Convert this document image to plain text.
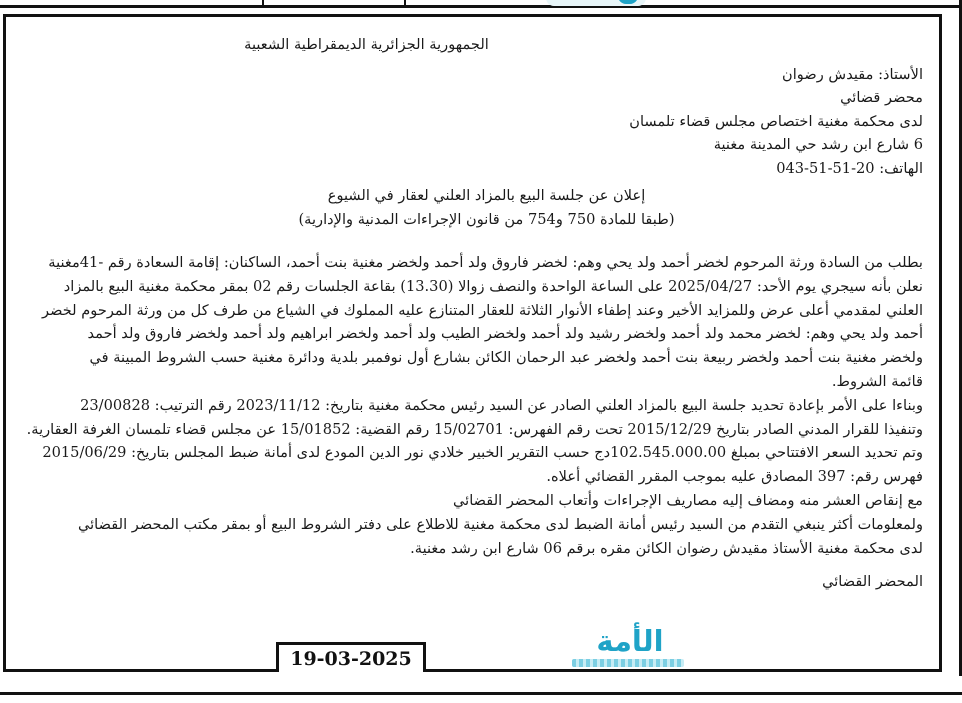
الجمهورية الجزائرية الديمقراطية الشعبية
الأستاذ: مقيدش رضوان
محضر قضائي
لدى محكمة مغنية اختصاص مجلس قضاء تلمسان
6 شارع ابن رشد حي المدينة مغنية
الهاتف: 20-51-51-043
إعلان عن جلسة البيع بالمزاد العلني لعقار في الشيوع
(طبقا للمادة 750 و754 من قانون الإجراءات المدنية والإدارية)
بطلب من السادة ورثة المرحوم لخضر أحمد ولد يحي وهم: لخضر فاروق ولد أحمد ولخضر مغنية بنت أحمد، الساكنان: إقامة السعادة رقم -41مغنية
نعلن بأنه سيجري يوم الأحد: 2025/04/27 على الساعة الواحدة والنصف زوالا (13.30) بقاعة الجلسات رقم 02 بمقر محكمة مغنية البيع بالمزاد
العلني لمقدمي أعلى عرض وللمزايد الأخير وعند إطفاء الأنوار الثلاثة للعقار المتنازع عليه المملوك في الشياع من طرف كل من ورثة المرحوم لخضر
أحمد ولد يحي وهم: لخضر محمد ولد أحمد ولخضر رشيد ولد أحمد ولخضر الطيب ولد أحمد ولخضر ابراهيم ولد أحمد ولخضر فاروق ولد أحمد
ولخضر مغنية بنت أحمد ولخضر ربيعة بنت أحمد ولخضر عبد الرحمان الكائن بشارع أول نوفمبر بلدية ودائرة مغنية حسب الشروط المبينة في
قائمة الشروط.
وبناءا على الأمر بإعادة تحديد جلسة البيع بالمزاد العلني الصادر عن السيد رئيس محكمة مغنية بتاريخ: 2023/11/12 رقم الترتيب: 23/00828
وتنفيذا للقرار المدني الصادر بتاريخ 2015/12/29 تحت رقم الفهرس: 15/02701 رقم القضية: 15/01852 عن مجلس قضاء تلمسان الغرفة العقارية.
وتم تحديد السعر الافتتاحي بمبلغ 102.545.000.00دج حسب التقرير الخبير خلادي نور الدين المودع لدى أمانة ضبط المجلس بتاريخ: 2015/06/29
فهرس رقم: 397 المصادق عليه بموجب المقرر القضائي أعلاه.
مع إنقاص العشر منه ومضاف إليه مصاريف الإجراءات وأتعاب المحضر القضائي
ولمعلومات أكثر ينبغي التقدم من السيد رئيس أمانة الضبط لدى محكمة مغنية للاطلاع على دفتر الشروط البيع أو بمقر مكتب المحضر القضائي
لدى محكمة مغنية الأستاذ مقيدش رضوان الكائن مقره برقم 06 شارع ابن رشد مغنية.
المحضر القضائي
الأمة
19-03-2025
